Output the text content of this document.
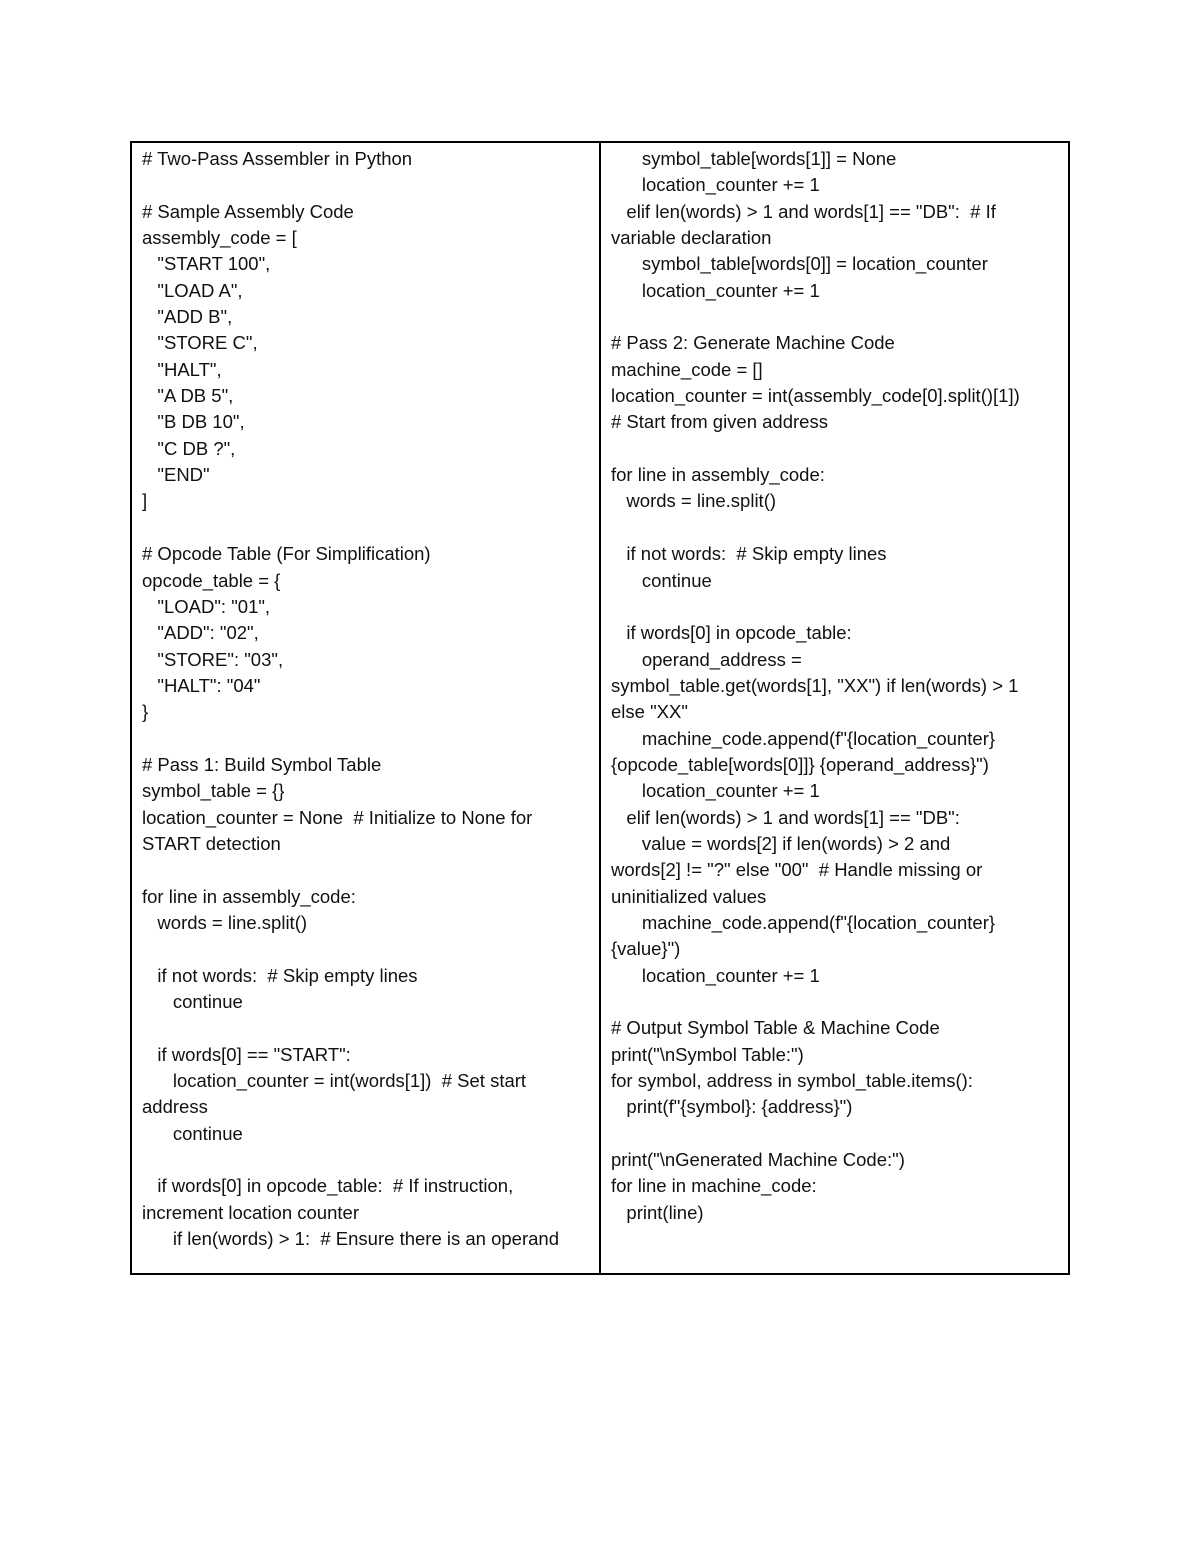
# Two-Pass Assembler in Python

# Sample Assembly Code
assembly_code = [
"START 100",
"LOAD A",
"ADD B",
"STORE C",
"HALT",
"A DB 5",
"B DB 10",
"C DB ?",
"END"
]

# Opcode Table (For Simplification)
opcode_table = {
"LOAD": "01",
"ADD": "02",
"STORE": "03",
"HALT": "04"
}

# Pass 1: Build Symbol Table
symbol_table = {}
location_counter = None  # Initialize to None for
START detection

for line in assembly_code:
words = line.split()

if not words:  # Skip empty lines
continue

if words[0] == "START":
location_counter = int(words[1])  # Set start
address
continue

if words[0] in opcode_table:  # If instruction,
increment location counter
if len(words) > 1:  # Ensure there is an operand
symbol_table[words[1]] = None
location_counter += 1
elif len(words) > 1 and words[1] == "DB":  # If
variable declaration
symbol_table[words[0]] = location_counter
location_counter += 1

# Pass 2: Generate Machine Code
machine_code = []
location_counter = int(assembly_code[0].split()[1])
# Start from given address

for line in assembly_code:
words = line.split()

if not words:  # Skip empty lines
continue

if words[0] in opcode_table:
operand_address =
symbol_table.get(words[1], "XX") if len(words) > 1
else "XX"
machine_code.append(f"{location_counter}
{opcode_table[words[0]]} {operand_address}")
location_counter += 1
elif len(words) > 1 and words[1] == "DB":
value = words[2] if len(words) > 2 and
words[2] != "?" else "00"  # Handle missing or
uninitialized values
machine_code.append(f"{location_counter}
{value}")
location_counter += 1

# Output Symbol Table & Machine Code
print("\nSymbol Table:")
for symbol, address in symbol_table.items():
print(f"{symbol}: {address}")

print("\nGenerated Machine Code:")
for line in machine_code:
print(line)
